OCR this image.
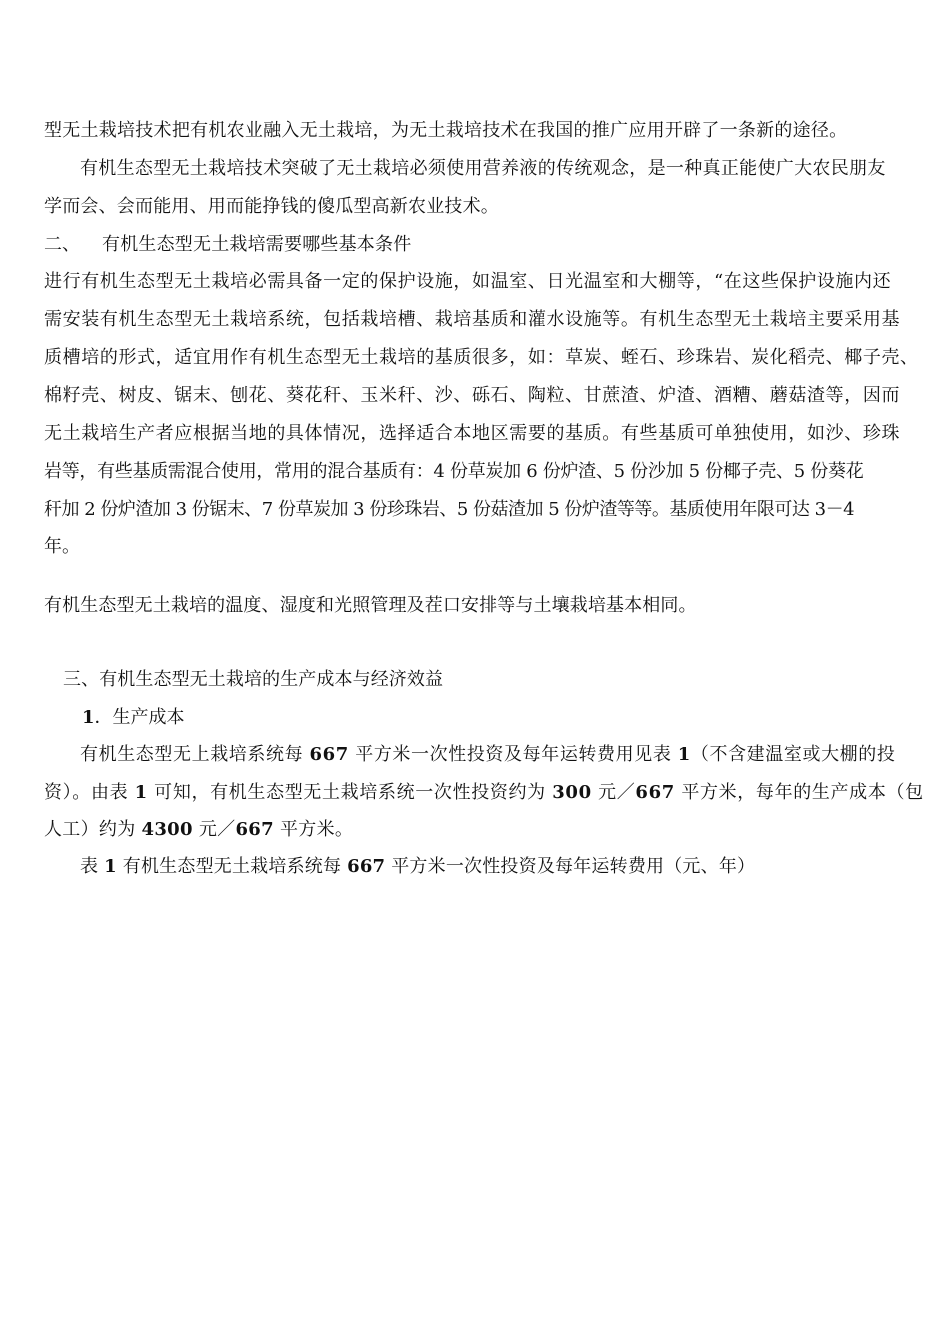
型无土栽培技术把有机农业融入无土栽培，为无土栽培技术在我国的推广应用开辟了一条新的途径。

有机生态型无土栽培技术突破了无土栽培必须使用营养液的传统观念，是一种真正能使广大农民朋友

学而会、会而能用、用而能挣钱的傻瓜型高新农业技术。

二、 有机生态型无土栽培需要哪些基本条件

进行有机生态型无土栽培必需具备一定的保护设施，如温室、日光温室和大棚等，“在这些保护设施内还

需安装有机生态型无土栽培系统，包括栽培槽、栽培基质和灌水设施等。有机生态型无土栽培主要采用基

质槽培的形式，适宜用作有机生态型无土栽培的基质很多，如：草炭、蛭石、珍珠岩、炭化稻壳、椰子壳、

棉籽壳、树皮、锯末、刨花、葵花秆、玉米秆、沙、砾石、陶粒、甘蔗渣、炉渣、酒糟、蘑菇渣等，因而

无土栽培生产者应根据当地的具体情况，选择适合本地区需要的基质。有些基质可单独使用，如沙、珍珠

岩等，有些基质需混合使用，常用的混合基质有：4 份草炭加 6 份炉渣、5 份沙加 5 份椰子壳、5 份葵花

秆加 2 份炉渣加 3 份锯末、7 份草炭加 3 份珍珠岩、5 份菇渣加 5 份炉渣等等。基质使用年限可达 3－4

年。

有机生态型无土栽培的温度、湿度和光照管理及茬口安排等与土壤栽培基本相同。

三、有机生态型无土栽培的生产成本与经济效益

1．生产成本
有机生态型无上栽培系统每 667 平方米一次性投资及每年运转费用见表 1（不含建温室或大棚的投
资）。由表 1 可知，有机生态型无土栽培系统一次性投资约为 300 元／667 平方米，每年的生产成本（包
人工）约为 4300 元／667 平方米。
表 1 有机生态型无土栽培系统每 667 平方米一次性投资及每年运转费用（元、年）
